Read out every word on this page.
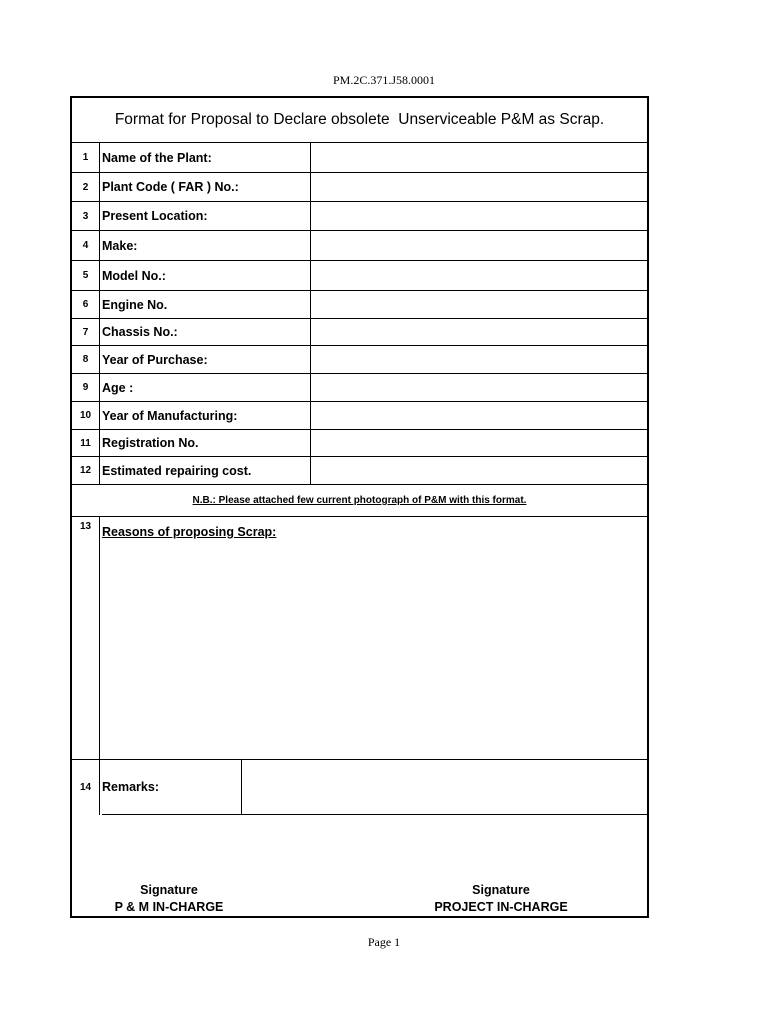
PM.2C.371.J58.0001
Format for Proposal to Declare obsolete  Unserviceable P&M as Scrap.
1	Name of the Plant:
2	Plant Code ( FAR ) No.:
3	Present Location:
4	Make:
5	Model No.:
6	Engine No.
7	Chassis No.:
8	Year of Purchase:
9	Age :
10 Year of Manufacturing:
11 Registration No.
12 Estimated repairing cost.
N.B.: Please attached few current photograph of P&M with this format.
13 Reasons of proposing Scrap:
14 Remarks:
Signature
P & M IN-CHARGE
Signature
PROJECT IN-CHARGE
Page 1
